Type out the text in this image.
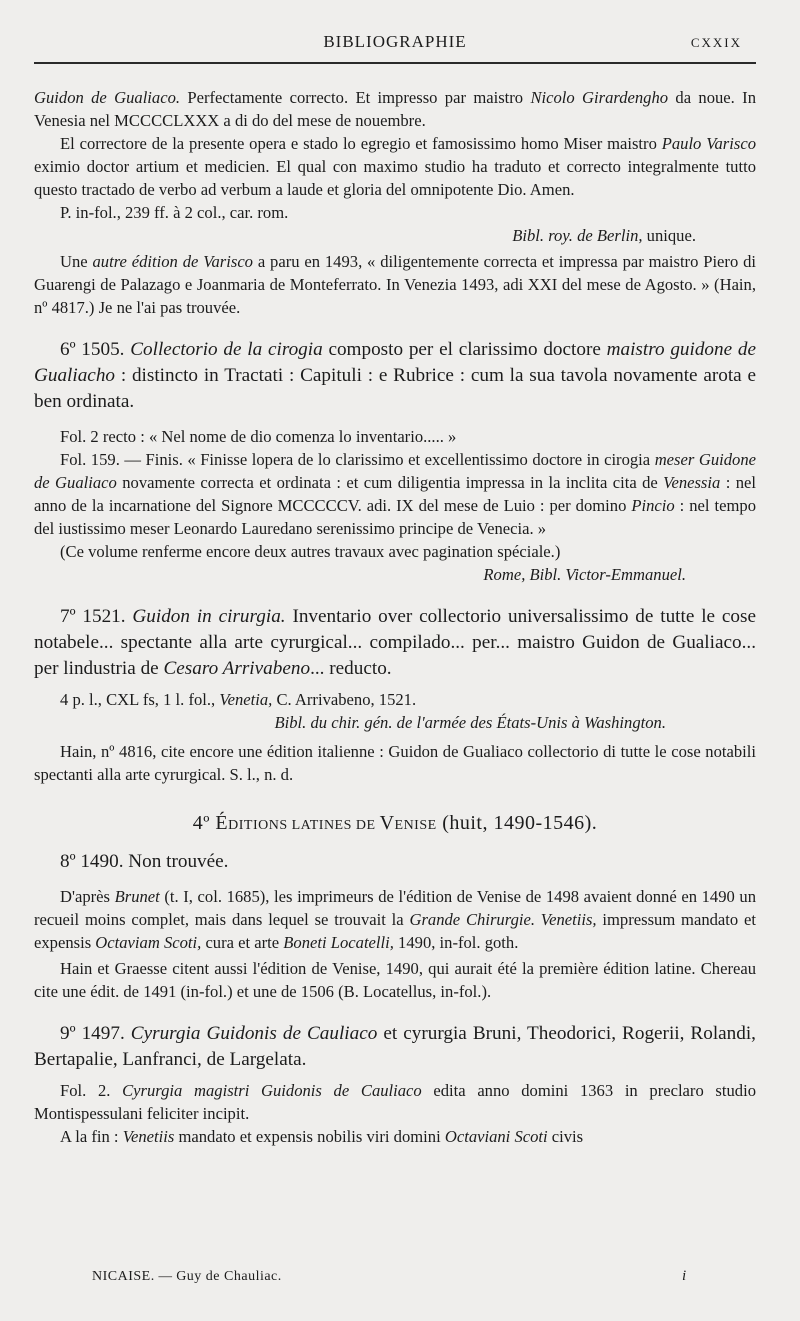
BIBLIOGRAPHIE	CXXIX

Guidon de Gualiaco. Perfectamente correcto. Et impresso par maistro Nicolo Girardengho da noue. In Venesia nel MCCCCLXXX a di do del mese de nouembre.

El correctore de la presente opera e stado lo egregio et famosissimo homo Miser maistro Paulo Varisco eximio doctor artium et medicien. El qual con maximo studio ha traduto et correcto integralmente tutto questo tractado de verbo ad verbum a laude et gloria del omnipotente Dio. Amen.

P. in-fol., 239 ff. à 2 col., car. rom.

Bibl. roy. de Berlin, unique.

Une autre édition de Varisco a paru en 1493, « diligentemente correcta et impressa par maistro Piero di Guarengi de Palazago e Joanmaria de Monteferrato. In Venezia 1493, adi XXI del mese de Agosto. » (Hain, nº 4817.) Je ne l'ai pas trouvée.

6º 1505. Collectorio de la cirogia composto per el clarissimo doctore maistro guidone de Gualiacho : distincto in Tractati : Capituli : e Rubrice : cum la sua tavola novamente arota e ben ordinata.

Fol. 2 recto : « Nel nome de dio comenza lo inventario..... »

Fol. 159. — Finis. « Finisse lopera de lo clarissimo et excellentissimo doctore in cirogia meser Guidone de Gualiaco novamente correcta et ordinata : et cum diligentia impressa in la inclita cita de Venessia : nel anno de la incarnatione del Signore MCCCCCV. adi. IX del mese de Luio : per domino Pincio : nel tempo del iustissimo meser Leonardo Lauredano serenissimo principe de Venecia. »

(Ce volume renferme encore deux autres travaux avec pagination spéciale.)

Rome, Bibl. Victor-Emmanuel.

7º 1521. Guidon in cirurgia. Inventario over collectorio universalissimo de tutte le cose notabele... spectante alla arte cyrurgical... compilado... per... maistro Guidon de Gualiaco... per lindustria de Cesaro Arrivabeno... reducto.

4 p. l., CXL fs, 1 l. fol., Venetia, C. Arrivabeno, 1521.

Bibl. du chir. gén. de l'armée des États-Unis à Washington.

Hain, nº 4816, cite encore une édition italienne : Guidon de Gualiaco collectorio di tutte le cose notabili spectanti alla arte cyrurgical. S. l., n. d.

4º ÉDITIONS LATINES DE VENISE (huit, 1490-1546).

8º 1490. Non trouvée.

D'après Brunet (t. I, col. 1685), les imprimeurs de l'édition de Venise de 1498 avaient donné en 1490 un recueil moins complet, mais dans lequel se trouvait la Grande Chirurgie. Venetiis, impressum mandato et expensis Octaviam Scoti, cura et arte Boneti Locatelli, 1490, in-fol. goth.

Hain et Graesse citent aussi l'édition de Venise, 1490, qui aurait été la première édition latine. Chereau cite une édit. de 1491 (in-fol.) et une de 1506 (B. Locatellus, in-fol.).

9º 1497. Cyrurgia Guidonis de Cauliaco et cyrurgia Bruni, Theodorici, Rogerii, Rolandi, Bertapalie, Lanfranci, de Largelata.

Fol. 2. Cyrurgia magistri Guidonis de Cauliaco edita anno domini 1363 in preclaro studio Montispessulani feliciter incipit.

A la fin : Venetiis mandato et expensis nobilis viri domini Octaviani Scoti civis

NICAISE. — Guy de Chauliac.	i
